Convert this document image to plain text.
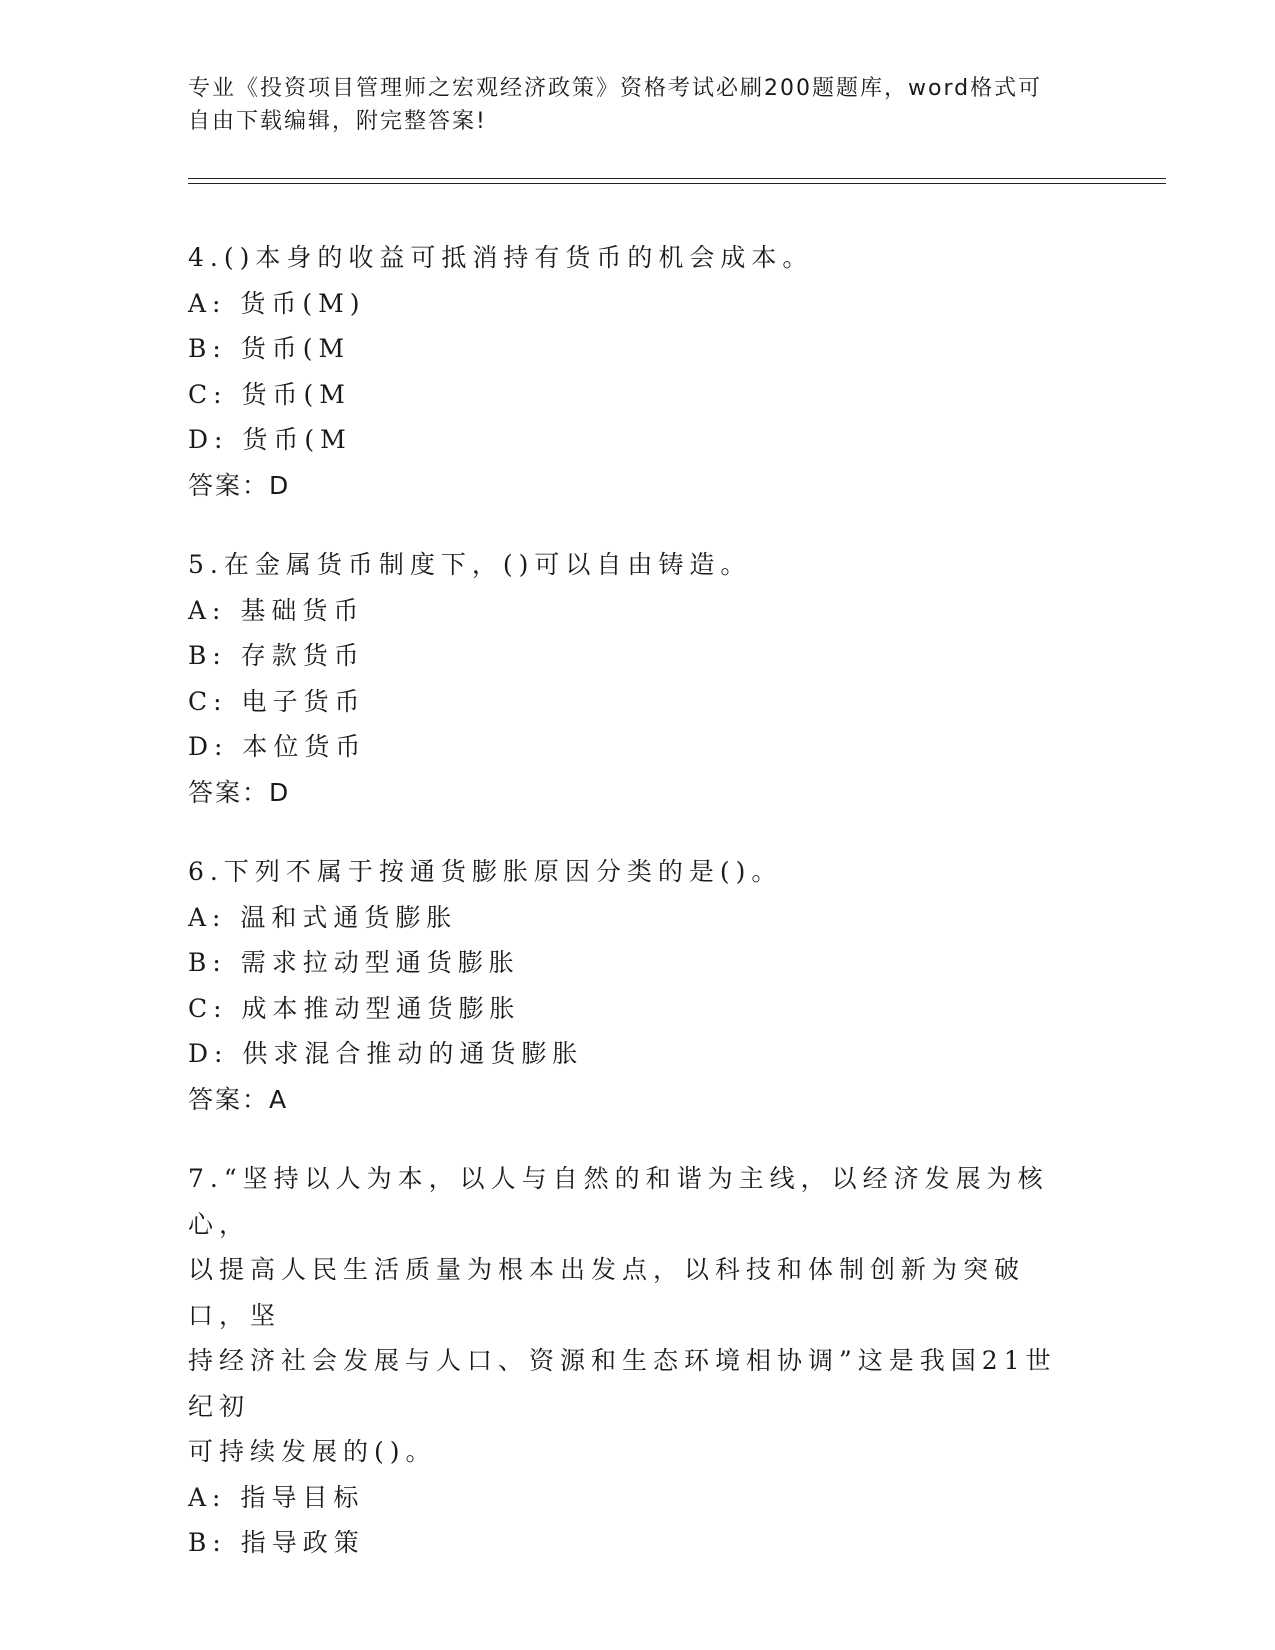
专业《投资项目管理师之宏观经济政策》资格考试必刷200题题库，word格式可
自由下载编辑，附完整答案!
4.()本身的收益可抵消持有货币的机会成本。
A: 货币(M)
B: 货币(M
C: 货币(M
D: 货币(M
答案：D
5.在金属货币制度下，()可以自由铸造。
A: 基础货币
B: 存款货币
C: 电子货币
D: 本位货币
答案：D
6.下列不属于按通货膨胀原因分类的是()。
A: 温和式通货膨胀
B: 需求拉动型通货膨胀
C: 成本推动型通货膨胀
D: 供求混合推动的通货膨胀
答案：A
7.“坚持以人为本，以人与自然的和谐为主线，以经济发展为核心，
以提高人民生活质量为根本出发点，以科技和体制创新为突破口，坚
持经济社会发展与人口、资源和生态环境相协调”这是我国21世纪初
可持续发展的()。
A: 指导目标
B: 指导政策
